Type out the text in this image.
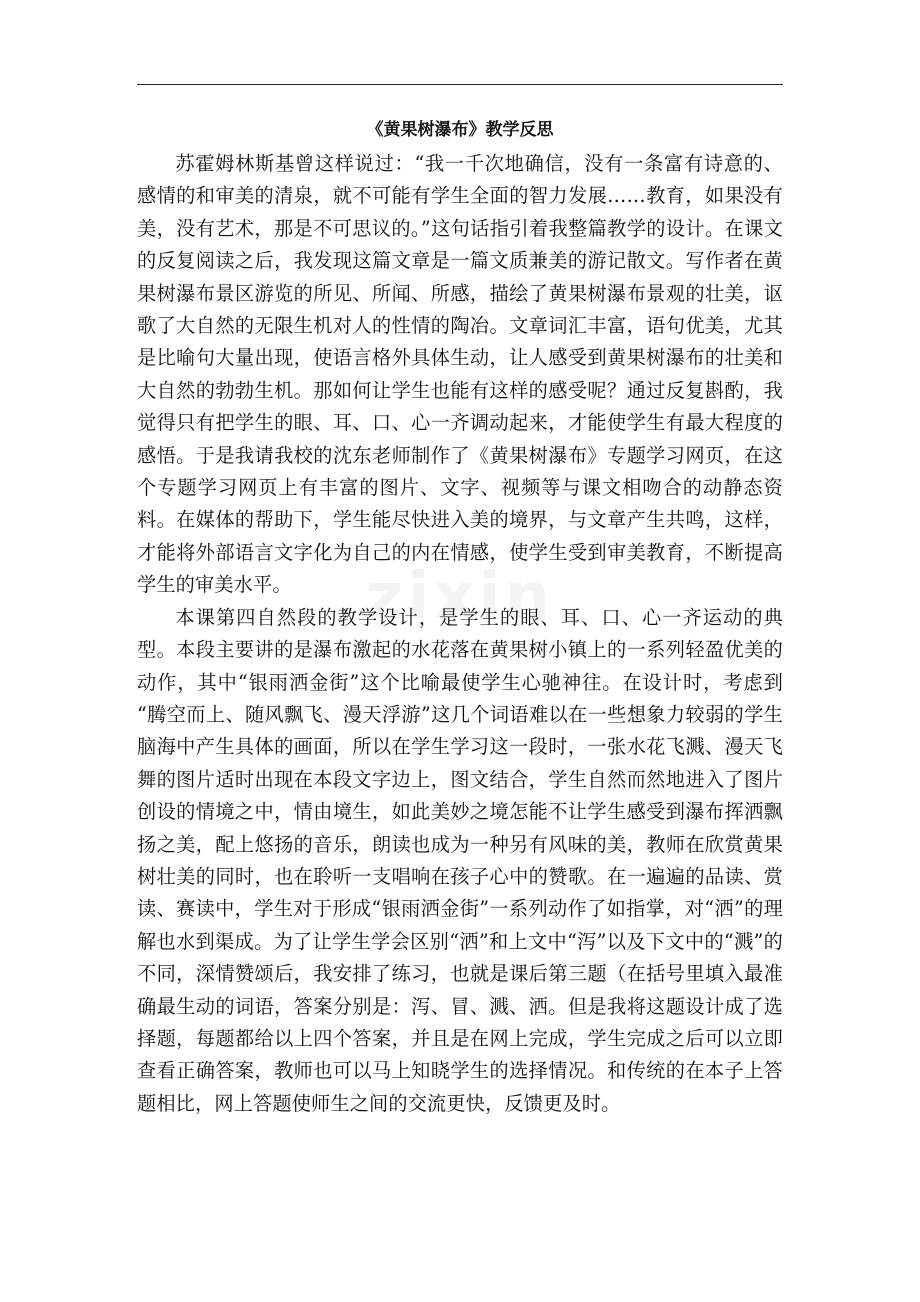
《黄果树瀑布》教学反思

苏霍姆林斯基曾这样说过：“我一千次地确信，没有一条富有诗意的、感情的和审美的清泉，就不可能有学生全面的智力发展……教育，如果没有美，没有艺术，那是不可思议的。”这句话指引着我整篇教学的设计。在课文的反复阅读之后，我发现这篇文章是一篇文质兼美的游记散文。写作者在黄果树瀑布景区游览的所见、所闻、所感，描绘了黄果树瀑布景观的壮美，讴歌了大自然的无限生机对人的性情的陶冶。文章词汇丰富，语句优美，尤其是比喻句大量出现，使语言格外具体生动，让人感受到黄果树瀑布的壮美和大自然的勃勃生机。那如何让学生也能有这样的感受呢？通过反复斟酌，我觉得只有把学生的眼、耳、口、心一齐调动起来，才能使学生有最大程度的感悟。于是我请我校的沈东老师制作了《黄果树瀑布》专题学习网页，在这个专题学习网页上有丰富的图片、文字、视频等与课文相吻合的动静态资料。在媒体的帮助下，学生能尽快进入美的境界，与文章产生共鸣，这样，才能将外部语言文字化为自己的内在情感，使学生受到审美教育，不断提高学生的审美水平。

本课第四自然段的教学设计，是学生的眼、耳、口、心一齐运动的典型。本段主要讲的是瀑布激起的水花落在黄果树小镇上的一系列轻盈优美的动作，其中“银雨洒金街”这个比喻最使学生心驰神往。在设计时，考虑到 “腾空而上、随风飘飞、漫天浮游”这几个词语难以在一些想象力较弱的学生脑海中产生具体的画面，所以在学生学习这一段时，一张水花飞溅、漫天飞舞的图片适时出现在本段文字边上，图文结合，学生自然而然地进入了图片创设的情境之中，情由境生，如此美妙之境怎能不让学生感受到瀑布挥洒飘扬之美，配上悠扬的音乐，朗读也成为一种另有风味的美，教师在欣赏黄果树壮美的同时，也在聆听一支唱响在孩子心中的赞歌。在一遍遍的品读、赏读、赛读中，学生对于形成“银雨洒金街”一系列动作了如指掌，对“洒”的理解也水到渠成。为了让学生学会区别“洒”和上文中“泻”以及下文中的“溅”的不同，深情赞颂后，我安排了练习，也就是课后第三题（在括号里填入最准确最生动的词语，答案分别是：泻、冒、溅、洒。但是我将这题设计成了选择题，每题都给以上四个答案，并且是在网上完成，学生完成之后可以立即查看正确答案，教师也可以马上知晓学生的选择情况。和传统的在本子上答题相比，网上答题使师生之间的交流更快，反馈更及时。
